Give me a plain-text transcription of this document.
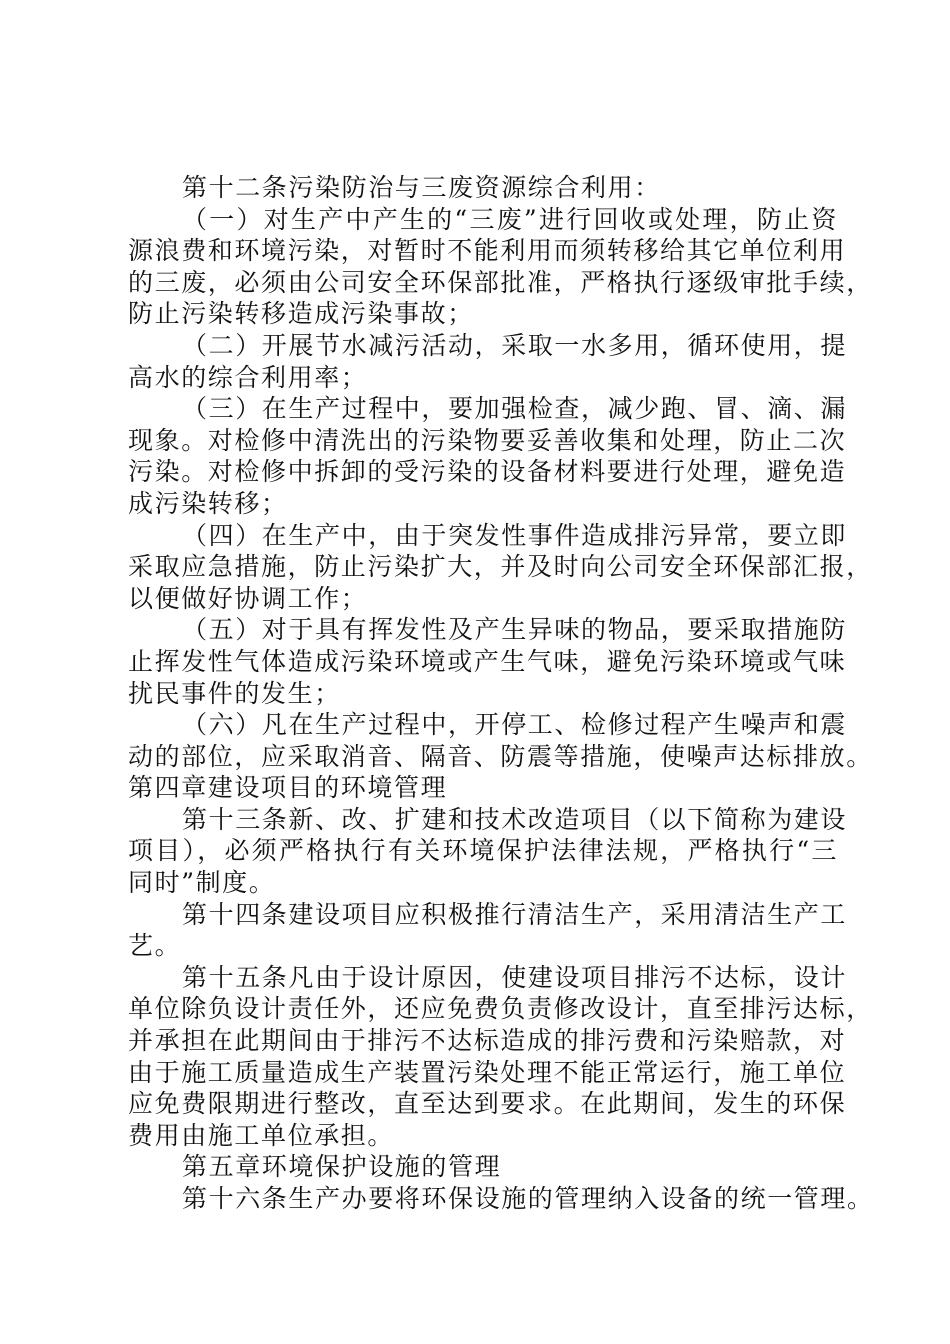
第十二条污染防治与三废资源综合利用：
（一）对生产中产生的“三废”进行回收或处理，防止资
源浪费和环境污染，对暂时不能利用而须转移给其它单位利用
的三废，必须由公司安全环保部批准，严格执行逐级审批手续，
防止污染转移造成污染事故；
（二）开展节水减污活动，采取一水多用，循环使用，提
高水的综合利用率；
（三）在生产过程中，要加强检查，减少跑、冒、滴、漏
现象。对检修中清洗出的污染物要妥善收集和处理，防止二次
污染。对检修中拆卸的受污染的设备材料要进行处理，避免造
成污染转移；
（四）在生产中，由于突发性事件造成排污异常，要立即
采取应急措施，防止污染扩大，并及时向公司安全环保部汇报，
以便做好协调工作；
（五）对于具有挥发性及产生异味的物品，要采取措施防
止挥发性气体造成污染环境或产生气味，避免污染环境或气味
扰民事件的发生；
（六）凡在生产过程中，开停工、检修过程产生噪声和震
动的部位，应采取消音、隔音、防震等措施，使噪声达标排放。
第四章建设项目的环境管理
第十三条新、改、扩建和技术改造项目（以下简称为建设
项目），必须严格执行有关环境保护法律法规，严格执行“三
同时”制度。
第十四条建设项目应积极推行清洁生产，采用清洁生产工
艺。
第十五条凡由于设计原因，使建设项目排污不达标，设计
单位除负设计责任外，还应免费负责修改设计，直至排污达标，
并承担在此期间由于排污不达标造成的排污费和污染赔款，对
由于施工质量造成生产装置污染处理不能正常运行，施工单位
应免费限期进行整改，直至达到要求。在此期间，发生的环保
费用由施工单位承担。
第五章环境保护设施的管理
第十六条生产办要将环保设施的管理纳入设备的统一管理。
